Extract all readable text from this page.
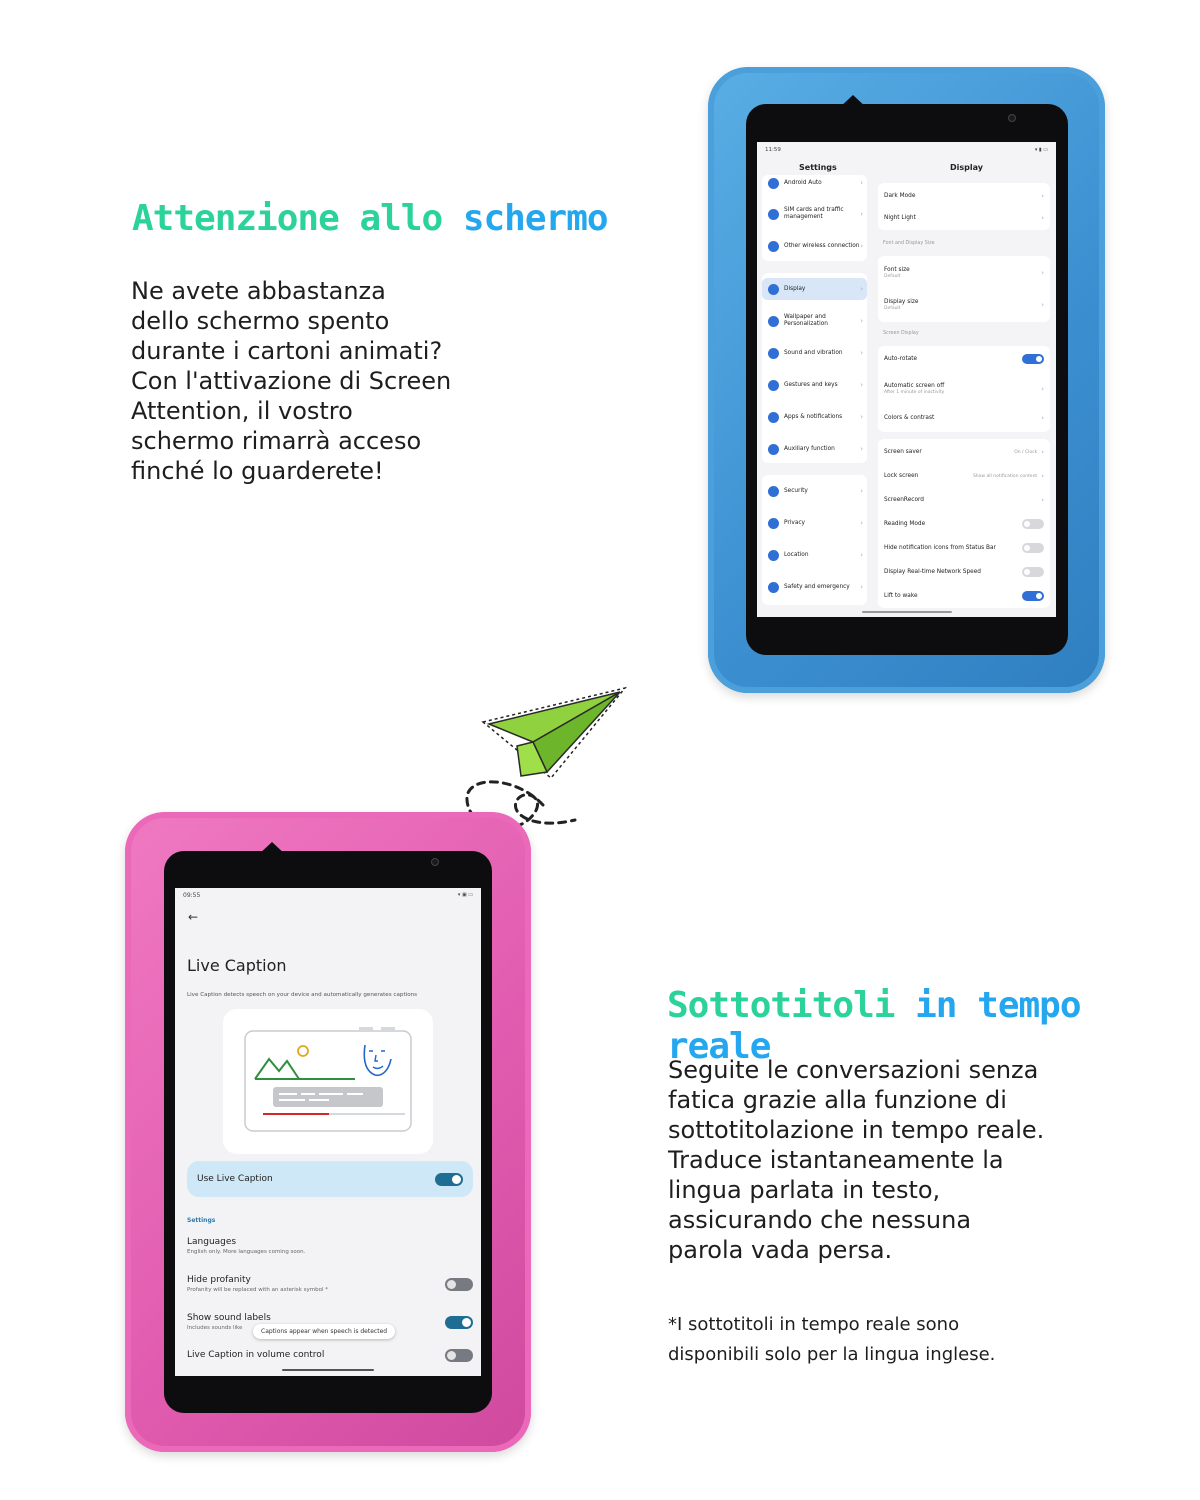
Attenzione allo schermo
Ne avete abbastanza
dello schermo spento
durante i cartoni animati?
Con l'attivazione di Screen
Attention, il vostro
schermo rimarrà acceso
finché lo guarderete!
Sottotitoli in tempo reale
Seguite le conversazioni senza
fatica grazie alla funzione di
sottotitolazione in tempo reale.
Traduce istantaneamente la
lingua parlata in testo,
assicurando che nessuna
parola vada persa.
*I sottotitoli in tempo reale sono
disponibili solo per la lingua inglese.
11:59	▾ ▮ ▭
Settings	Display
Android Auto	›
SIM cards and traffic management	›
Other wireless connection ›
Display	›
Wallpaper and Personalization	›
Sound and vibration	›
Gestures and keys	›
Apps & notifications	›
Auxiliary function	›
Security	›
Privacy	›
Location	›
Safety and emergency	›
Dark Mode	›
Night Light	›
Font and Display Size
Font size
Default	›
Display size
Default	›
Screen Display
Auto-rotate
Automatic screen off
After 1 minute of inactivity	›
Colors & contrast	›
Screen saver	On / Clock ›
Lock screen	Show all notification content ›
ScreenRecord	›
Reading Mode
Hide notification icons from Status Bar
Display Real-time Network Speed
Lift to wake
09:55	▾ ▣ ▭
←
Live Caption
Live Caption detects speech on your device and automatically generates captions
Use Live Caption
Settings
Languages
English only. More languages coming soon.
Hide profanity
Profanity will be replaced with an asterisk symbol *
Show sound labels
Includes sounds like	Captions appear when speech is detected
Live Caption in volume control
